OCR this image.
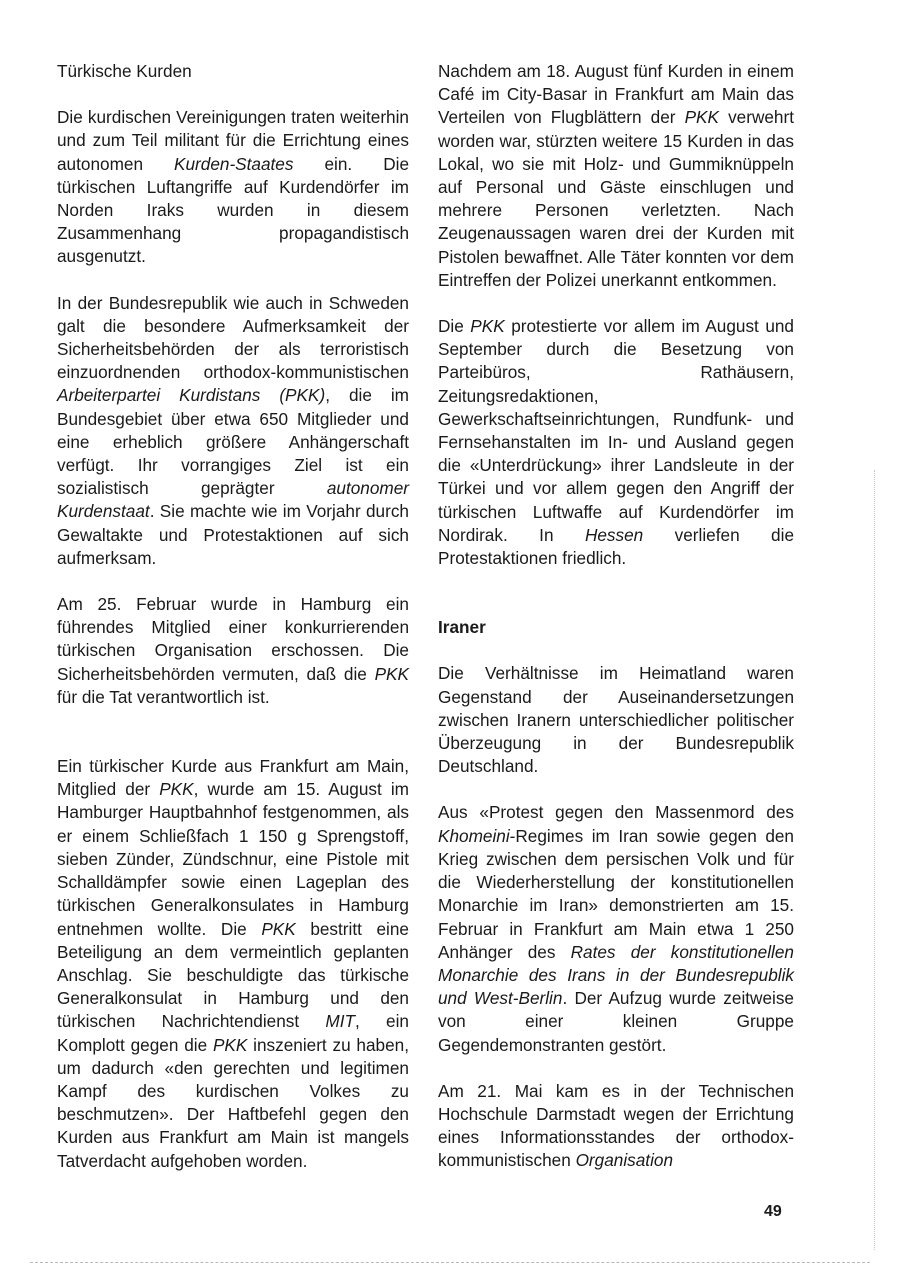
Türkische Kurden

Die kurdischen Vereinigungen traten weiterhin und zum Teil militant für die Errichtung eines autonomen Kurden-Staates ein. Die türkischen Luftangriffe auf Kurdendörfer im Norden Iraks wurden in diesem Zusammenhang propagandistisch ausgenutzt.

In der Bundesrepublik wie auch in Schweden galt die besondere Aufmerksamkeit der Sicherheitsbehörden der als terroristisch einzuordnenden orthodox-kommunistischen Arbeiterpartei Kurdistans (PKK), die im Bundesgebiet über etwa 650 Mitglieder und eine erheblich größere Anhängerschaft verfügt. Ihr vorrangiges Ziel ist ein sozialistisch geprägter autonomer Kurdenstaat. Sie machte wie im Vorjahr durch Gewaltakte und Protestaktionen auf sich aufmerksam.

Am 25. Februar wurde in Hamburg ein führendes Mitglied einer konkurrierenden türkischen Organisation erschossen. Die Sicherheitsbehörden vermuten, daß die PKK für die Tat verantwortlich ist.

Ein türkischer Kurde aus Frankfurt am Main, Mitglied der PKK, wurde am 15. August im Hamburger Hauptbahnhof festgenommen, als er einem Schließfach 1 150 g Sprengstoff, sieben Zünder, Zündschnur, eine Pistole mit Schalldämpfer sowie einen Lageplan des türkischen Generalkonsulates in Hamburg entnehmen wollte. Die PKK bestritt eine Beteiligung an dem vermeintlich geplanten Anschlag. Sie beschuldigte das türkische Generalkonsulat in Hamburg und den türkischen Nachrichtendienst MIT, ein Komplott gegen die PKK inszeniert zu haben, um dadurch «den gerechten und legitimen Kampf des kurdischen Volkes zu beschmutzen». Der Haftbefehl gegen den Kurden aus Frankfurt am Main ist mangels Tatverdacht aufgehoben worden.

Nachdem am 18. August fünf Kurden in einem Café im City-Basar in Frankfurt am Main das Verteilen von Flugblättern der PKK verwehrt worden war, stürzten weitere 15 Kurden in das Lokal, wo sie mit Holz- und Gummiknüppeln auf Personal und Gäste einschlugen und mehrere Personen verletzten. Nach Zeugenaussagen waren drei der Kurden mit Pistolen bewaffnet. Alle Täter konnten vor dem Eintreffen der Polizei unerkannt entkommen.

Die PKK protestierte vor allem im August und September durch die Besetzung von Parteibüros, Rathäusern, Zeitungsredaktionen, Gewerkschaftseinrichtungen, Rundfunk- und Fernsehanstalten im In- und Ausland gegen die «Unterdrückung» ihrer Landsleute in der Türkei und vor allem gegen den Angriff der türkischen Luftwaffe auf Kurdendörfer im Nordirak. In Hessen verliefen die Protestaktionen friedlich.

Iraner

Die Verhältnisse im Heimatland waren Gegenstand der Auseinandersetzungen zwischen Iranern unterschiedlicher politischer Überzeugung in der Bundesrepublik Deutschland.

Aus «Protest gegen den Massenmord des Khomeini-Regimes im Iran sowie gegen den Krieg zwischen dem persischen Volk und für die Wiederherstellung der konstitutionellen Monarchie im Iran» demonstrierten am 15. Februar in Frankfurt am Main etwa 1 250 Anhänger des Rates der konstitutionellen Monarchie des Irans in der Bundesrepublik und West-Berlin. Der Aufzug wurde zeitweise von einer kleinen Gruppe Gegendemonstranten gestört.

Am 21. Mai kam es in der Technischen Hochschule Darmstadt wegen der Errichtung eines Informationsstandes der orthodox-kommunistischen Organisation

49
